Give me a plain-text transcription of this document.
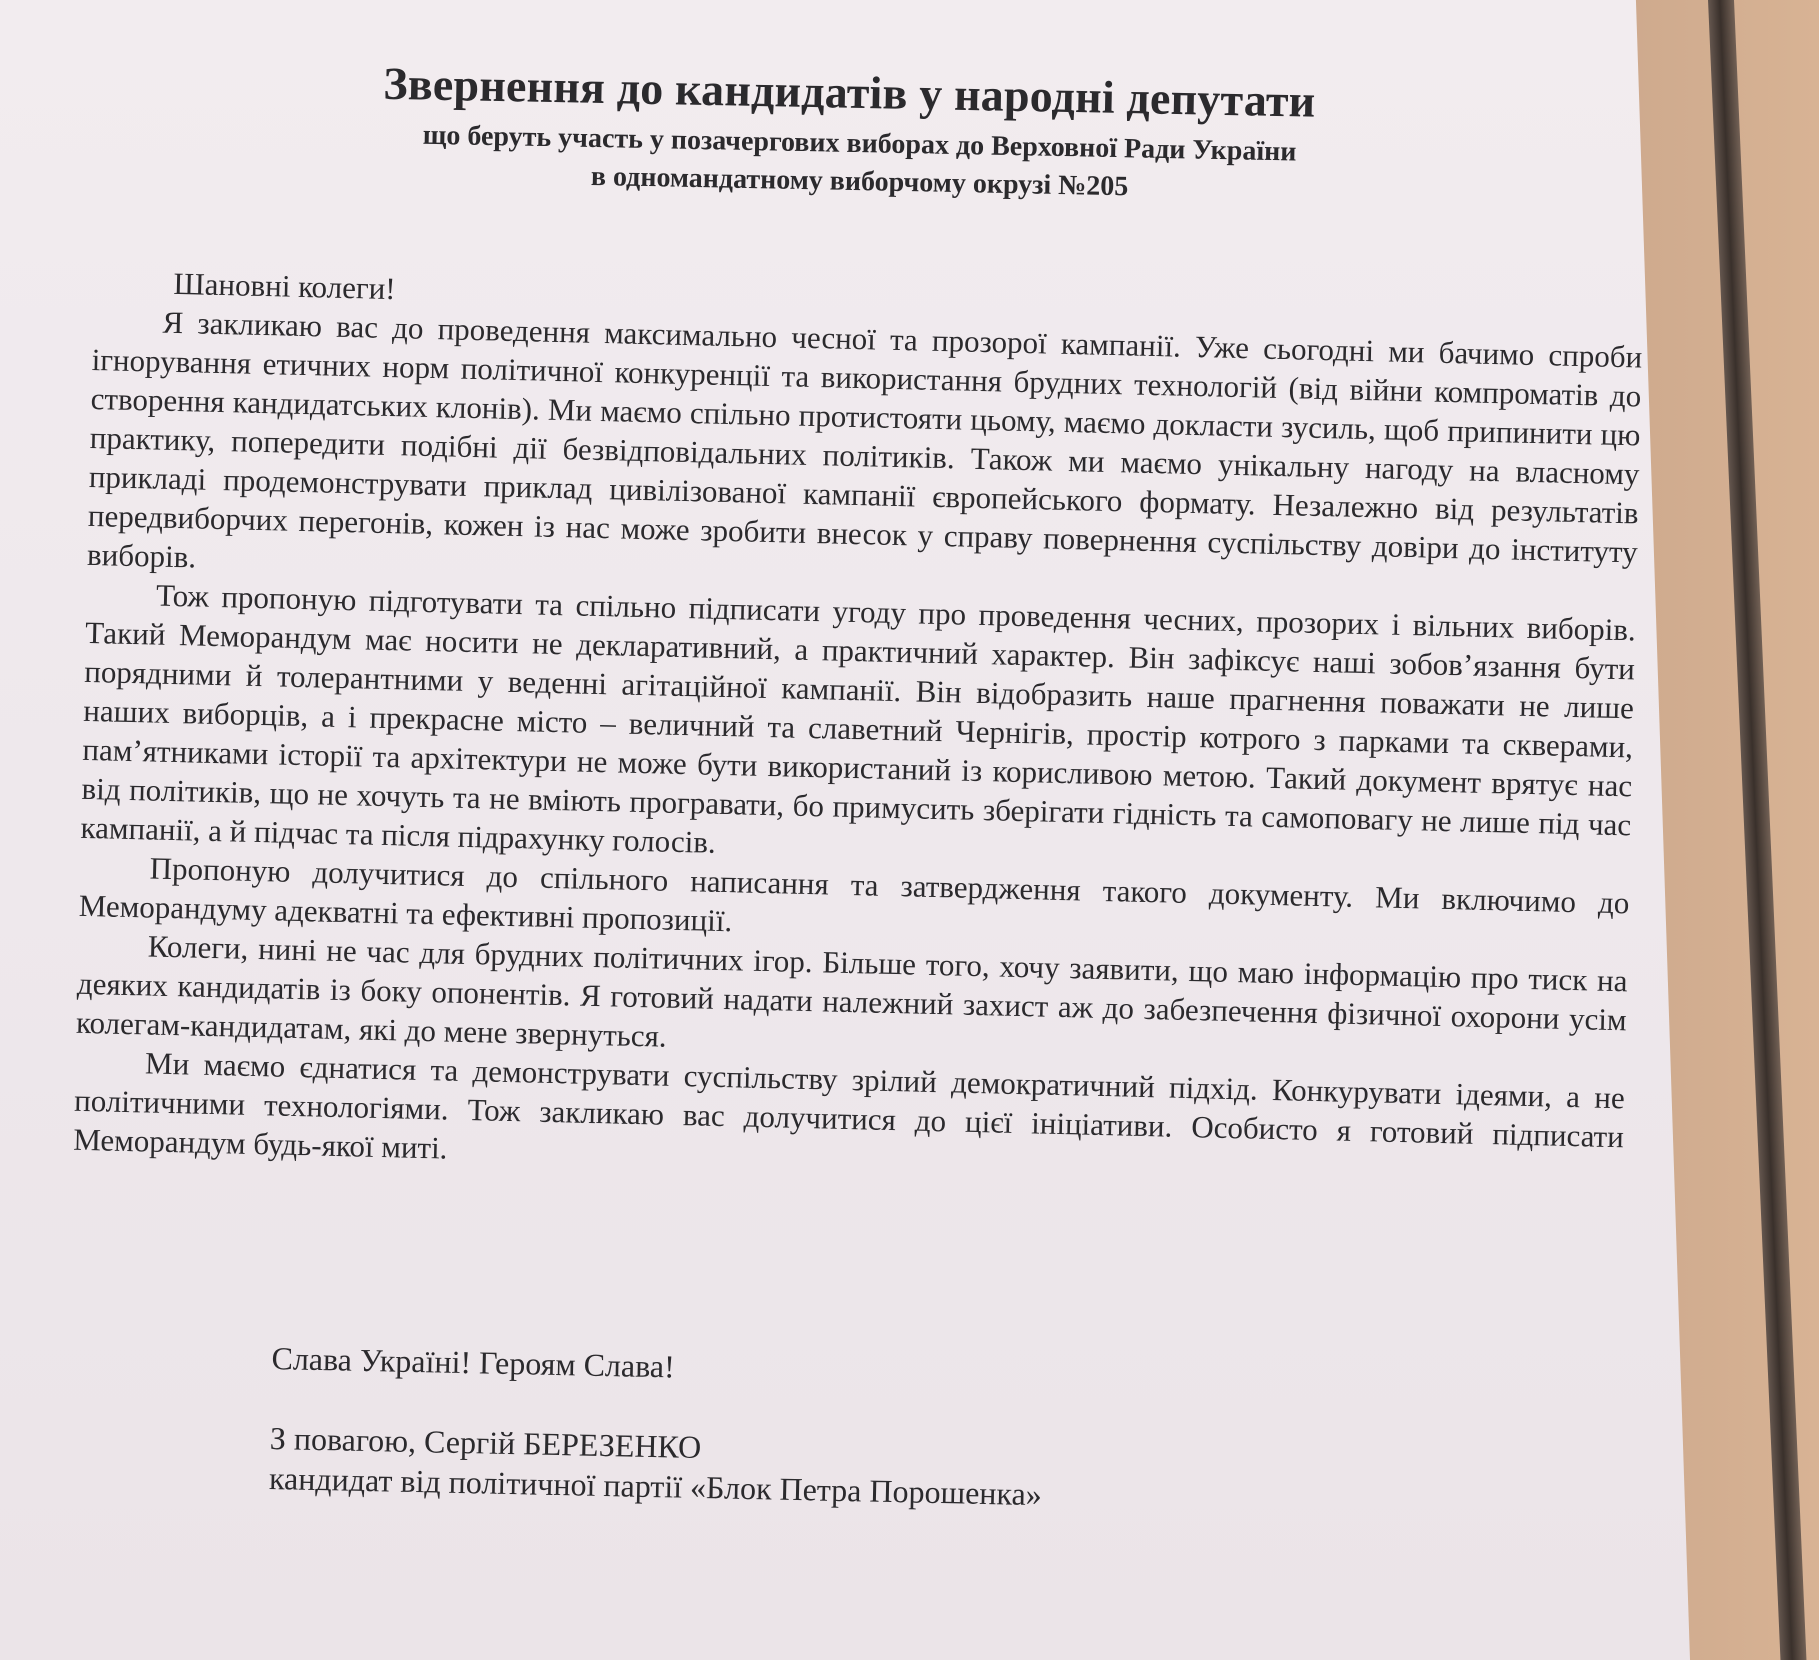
Звернення до кандидатів у народні депутати

що беруть участь у позачергових виборах до Верховної Ради України

в одномандатному виборчому окрузі №205

Шановні колеги!

Я закликаю вас до проведення максимально чесної та прозорої кампанії. Уже сьогодні ми бачимо спроби ігнорування етичних норм політичної конкуренції та використання брудних технологій (від війни компроматів до створення кандидатських клонів). Ми маємо спільно протистояти цьому, маємо докласти зусиль, щоб припинити цю практику, попередити подібні дії безвідповідальних політиків. Також ми маємо унікальну нагоду на власному прикладі продемонструвати приклад цивілізованої кампанії європейського формату. Незалежно від результатів передвиборчих перегонів, кожен із нас може зробити внесок у справу повернення суспільству довіри до інституту виборів.

Тож пропоную підготувати та спільно підписати угоду про проведення чесних, прозорих і вільних виборів. Такий Меморандум має носити не декларативний, а практичний характер. Він зафіксує наші зобов’язання бути порядними й толерантними у веденні агітаційної кампанії. Він відобразить наше прагнення поважати не лише наших виборців, а і прекрасне місто – величний та славетний Чернігів, простір котрого з парками та скверами, пам’ятниками історії та архітектури не може бути використаний із корисливою метою. Такий документ врятує нас від політиків, що не хочуть та не вміють програвати, бо примусить зберігати гідність та самоповагу не лише під час кампанії, а й підчас та після підрахунку голосів.

Пропоную долучитися до спільного написання та затвердження такого документу. Ми включимо до Меморандуму адекватні та ефективні пропозиції.

Колеги, нині не час для брудних політичних ігор. Більше того, хочу заявити, що маю інформацію про тиск на деяких кандидатів із боку опонентів. Я готовий надати належний захист аж до забезпечення фізичної охорони усім колегам-кандидатам, які до мене звернуться.

Ми маємо єднатися та демонструвати суспільству зрілий демократичний підхід. Конкурувати ідеями, а не політичними технологіями. Тож закликаю вас долучитися до цієї ініціативи. Особисто я готовий підписати Меморандум будь-якої миті.

Слава Україні! Героям Слава!

З повагою, Сергій БЕРЕЗЕНКО

кандидат від політичної партії «Блок Петра Порошенка»
